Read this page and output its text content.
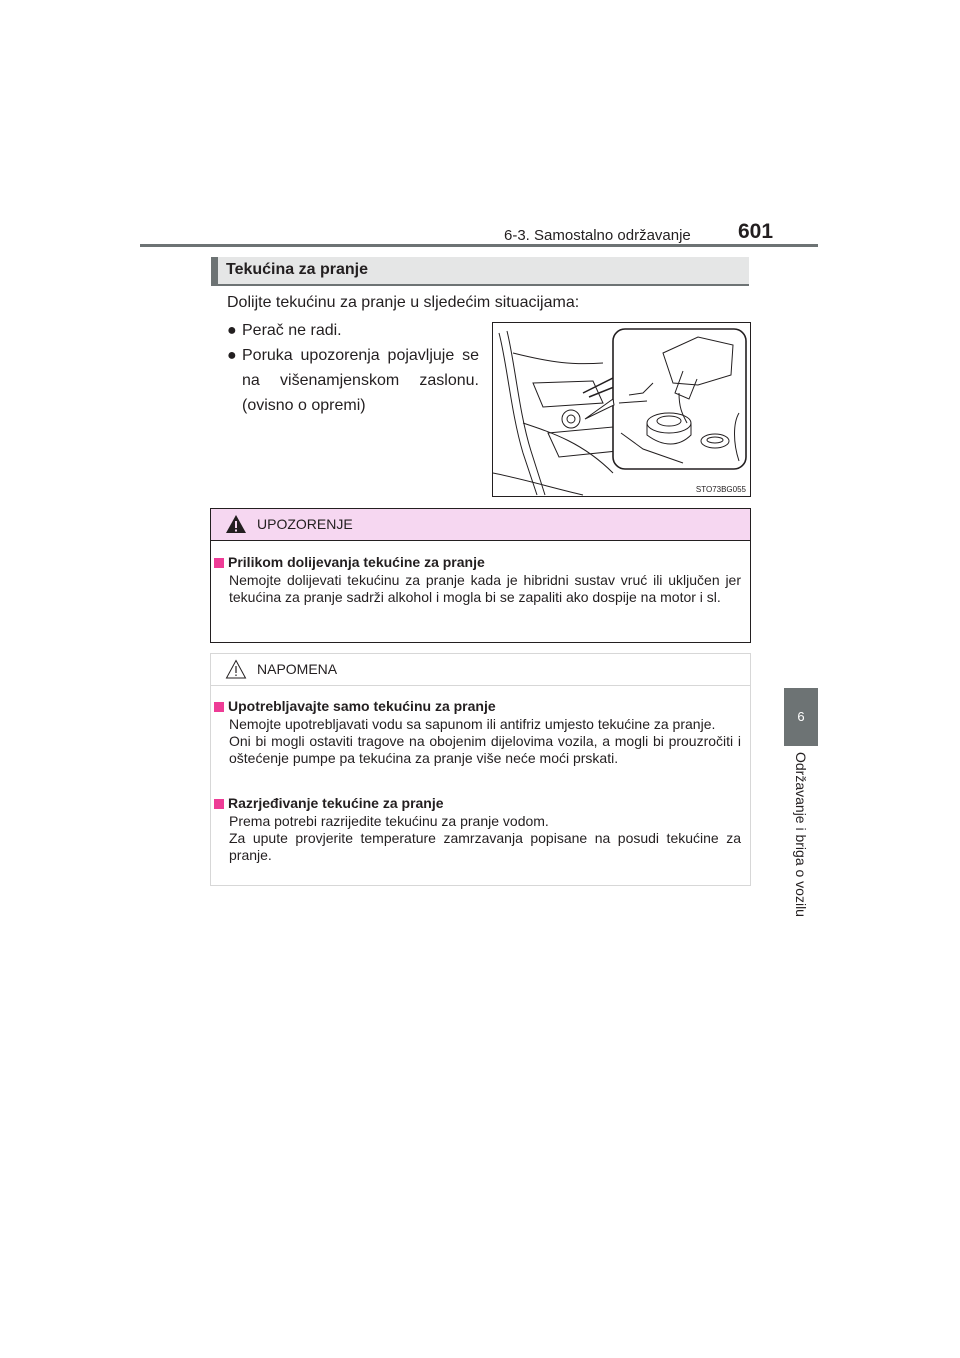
6-3. Samostalno održavanje 601
6
Održavanje i briga o vozilu
Tekućina za pranje
Dolijte tekućinu za pranje u sljedećim situacijama:
● Perač ne radi.
● Poruka upozorenja pojavljuje se na višenamjenskom zaslonu. (ovisno o opremi)
STO73BG055
UPOZORENJE
Prilikom dolijevanja tekućine za pranje
Nemojte dolijevati tekućinu za pranje kada je hibridni sustav vruć ili uključen jer tekućina za pranje sadrži alkohol i mogla bi se zapaliti ako dospije na motor i sl.
NAPOMENA
Upotrebljavajte samo tekućinu za pranje
Nemojte upotrebljavati vodu sa sapunom ili antifriz umjesto tekućine za pranje.
Oni bi mogli ostaviti tragove na obojenim dijelovima vozila, a mogli bi prouzročiti i oštećenje pumpe pa tekućina za pranje više neće moći prskati.
Razrjeđivanje tekućine za pranje
Prema potrebi razrijedite tekućinu za pranje vodom.
Za upute provjerite temperature zamrzavanja popisane na posudi tekućine za pranje.
